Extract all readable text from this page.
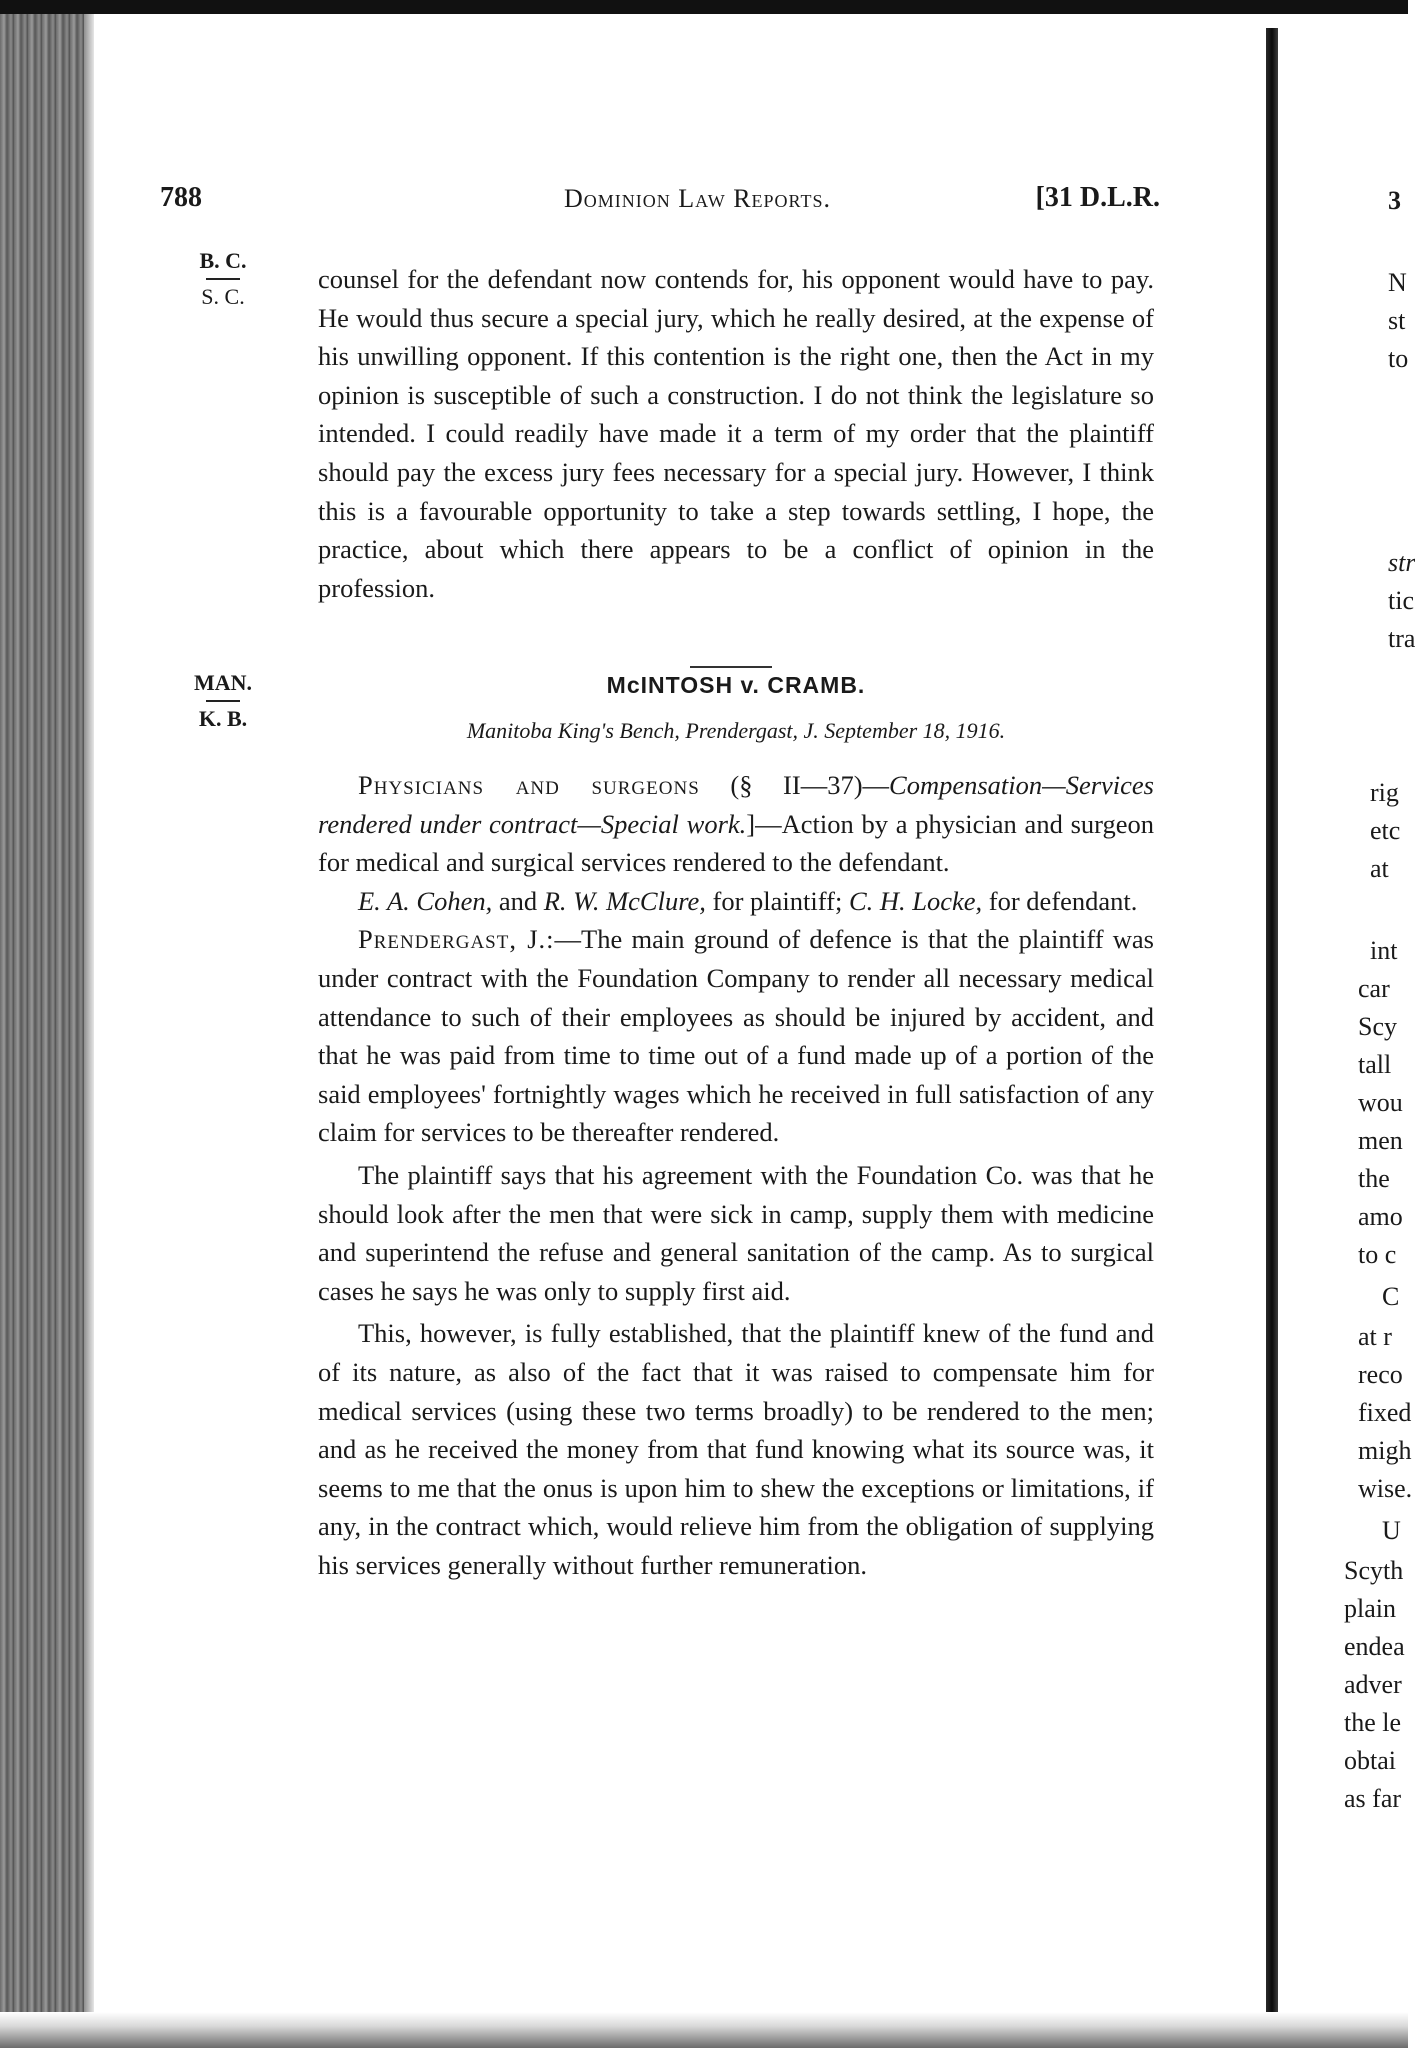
788	Dominion Law Reports.	[31 D.L.R.
B. C.
S. C.

counsel for the defendant now contends for, his opponent would have to pay. He would thus secure a special jury, which he really desired, at the expense of his unwilling opponent. If this contention is the right one, then the Act in my opinion is susceptible of such a construction. I do not think the legislature so intended. I could readily have made it a term of my order that the plaintiff should pay the excess jury fees necessary for a special jury. However, I think this is a favourable opportunity to take a step towards settling, I hope, the practice, about which there appears to be a conflict of opinion in the profession.

MAN.
K. B.
McINTOSH v. CRAMB.
Manitoba King's Bench, Prendergast, J. September 18, 1916.

Physicians and surgeons (§ II—37)—Compensation—Services rendered under contract—Special work.]—Action by a physician and surgeon for medical and surgical services rendered to the defendant.

E. A. Cohen, and R. W. McClure, for plaintiff; C. H. Locke, for defendant.

Prendergast, J.:—The main ground of defence is that the plaintiff was under contract with the Foundation Company to render all necessary medical attendance to such of their employees as should be injured by accident, and that he was paid from time to time out of a fund made up of a portion of the said employees' fortnightly wages which he received in full satisfaction of any claim for services to be thereafter rendered.

The plaintiff says that his agreement with the Foundation Co. was that he should look after the men that were sick in camp, supply them with medicine and superintend the refuse and general sanitation of the camp. As to surgical cases he says he was only to supply first aid.

This, however, is fully established, that the plaintiff knew of the fund and of its nature, as also of the fact that it was raised to compensate him for medical services (using these two terms broadly) to be rendered to the men; and as he received the money from that fund knowing what its source was, it seems to me that the onus is upon him to shew the exceptions or limitations, if any, in the contract which, would relieve him from the obligation of supplying his services generally without further remuneration.

3
N
st
to
str
tic
tra
rig
etc
at
int
car
Scy
tall
wou
men
the
amo
to c
C
at r
reco
fixed
migh
wise.
U
Scyth
plain
endea
adver
the le
obtai
as far
